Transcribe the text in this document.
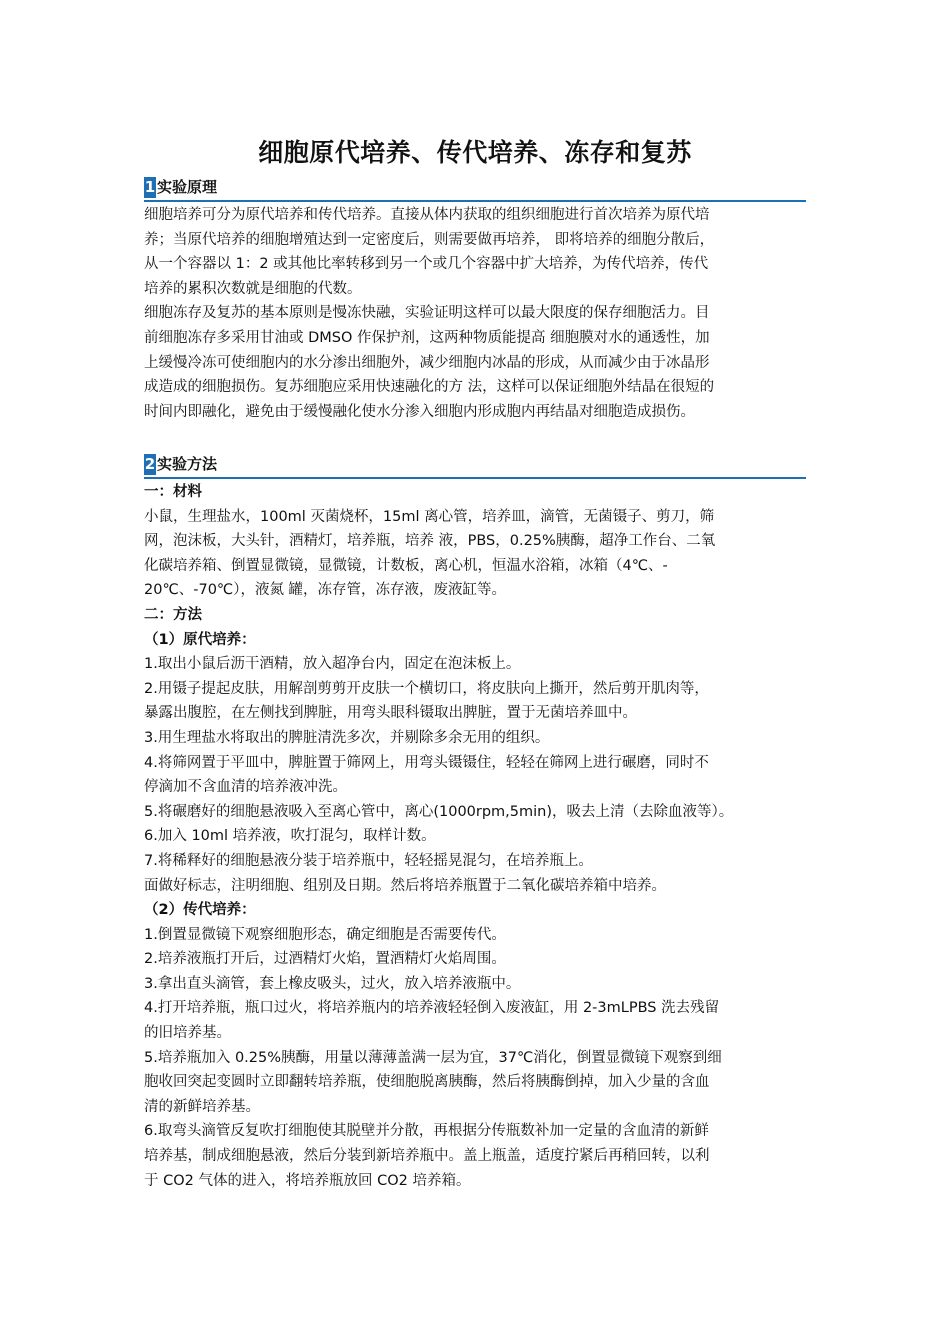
细胞原代培养、传代培养、冻存和复苏
1 实验原理
细胞培养可分为原代培养和传代培养。直接从体内获取的组织细胞进行首次培养为原代培
养；当原代培养的细胞增殖达到一定密度后，则需要做再培养， 即将培养的细胞分散后，
从一个容器以 1：2 或其他比率转移到另一个或几个容器中扩大培养，为传代培养，传代
培养的累积次数就是细胞的代数。
细胞冻存及复苏的基本原则是慢冻快融，实验证明这样可以最大限度的保存细胞活力。目
前细胞冻存多采用甘油或 DMSO 作保护剂，这两种物质能提高 细胞膜对水的通透性，加
上缓慢冷冻可使细胞内的水分渗出细胞外，减少细胞内冰晶的形成，从而减少由于冰晶形
成造成的细胞损伤。复苏细胞应采用快速融化的方 法，这样可以保证细胞外结晶在很短的
时间内即融化，避免由于缓慢融化使水分渗入细胞内形成胞内再结晶对细胞造成损伤。
2 实验方法
一：材料
小鼠，生理盐水，100ml 灭菌烧杯，15ml 离心管，培养皿，滴管，无菌镊子、剪刀，筛
网，泡沫板，大头针，酒精灯，培养瓶，培养 液，PBS，0.25%胰酶，超净工作台、二氧
化碳培养箱、倒置显微镜，显微镜，计数板，离心机，恒温水浴箱，冰箱（4℃、-
20℃、-70℃），液氮 罐，冻存管，冻存液，废液缸等。
二：方法
（1）原代培养：
1.取出小鼠后沥干酒精，放入超净台内，固定在泡沫板上。
2.用镊子提起皮肤，用解剖剪剪开皮肤一个横切口，将皮肤向上撕开，然后剪开肌肉等，
暴露出腹腔，在左侧找到脾脏，用弯头眼科镊取出脾脏，置于无菌培养皿中。
3.用生理盐水将取出的脾脏清洗多次，并剔除多余无用的组织。
4.将筛网置于平皿中，脾脏置于筛网上，用弯头镊镊住，轻轻在筛网上进行碾磨，同时不
停滴加不含血清的培养液冲洗。
5.将碾磨好的细胞悬液吸入至离心管中，离心(1000rpm,5min)，吸去上清（去除血液等）。
6.加入 10ml 培养液，吹打混匀，取样计数。
7.将稀释好的细胞悬液分装于培养瓶中，轻轻摇晃混匀，在培养瓶上。
面做好标志，注明细胞、组别及日期。然后将培养瓶置于二氧化碳培养箱中培养。
（2）传代培养：
1.倒置显微镜下观察细胞形态，确定细胞是否需要传代。
2.培养液瓶打开后，过酒精灯火焰，置酒精灯火焰周围。
3.拿出直头滴管，套上橡皮吸头，过火，放入培养液瓶中。
4.打开培养瓶，瓶口过火，将培养瓶内的培养液轻轻倒入废液缸，用 2-3mLPBS 洗去残留
的旧培养基。
5.培养瓶加入 0.25%胰酶，用量以薄薄盖满一层为宜，37℃消化，倒置显微镜下观察到细
胞收回突起变圆时立即翻转培养瓶，使细胞脱离胰酶，然后将胰酶倒掉，加入少量的含血
清的新鲜培养基。
6.取弯头滴管反复吹打细胞使其脱壁并分散，再根据分传瓶数补加一定量的含血清的新鲜
培养基，制成细胞悬液，然后分装到新培养瓶中。盖上瓶盖，适度拧紧后再稍回转，以利
于 CO2 气体的进入，将培养瓶放回 CO2 培养箱。
